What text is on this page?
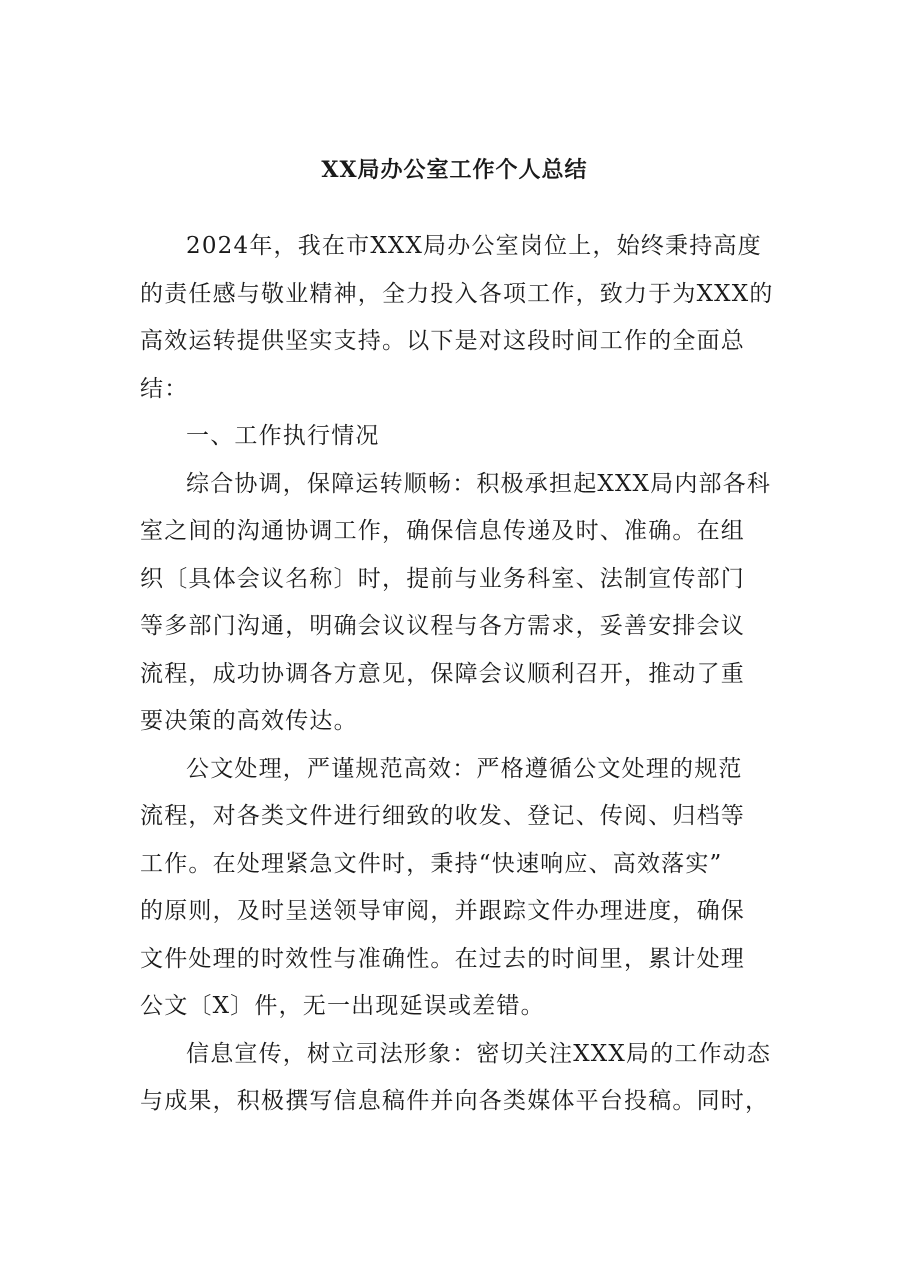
XX局办公室工作个人总结
2024年，我在市XXX局办公室岗位上，始终秉持高度
的责任感与敬业精神，全力投入各项工作，致力于为XXX的
高效运转提供坚实支持。以下是对这段时间工作的全面总
结：
一、工作执行情况
综合协调，保障运转顺畅：积极承担起XXX局内部各科
室之间的沟通协调工作，确保信息传递及时、准确。在组
织〔具体会议名称〕时，提前与业务科室、法制宣传部门
等多部门沟通，明确会议议程与各方需求，妥善安排会议
流程，成功协调各方意见，保障会议顺利召开，推动了重
要决策的高效传达。
公文处理，严谨规范高效：严格遵循公文处理的规范
流程，对各类文件进行细致的收发、登记、传阅、归档等
工作。在处理紧急文件时，秉持“快速响应、高效落实”
的原则，及时呈送领导审阅，并跟踪文件办理进度，确保
文件处理的时效性与准确性。在过去的时间里，累计处理
公文〔X〕件，无一出现延误或差错。
信息宣传，树立司法形象：密切关注XXX局的工作动态
与成果，积极撰写信息稿件并向各类媒体平台投稿。同时，
